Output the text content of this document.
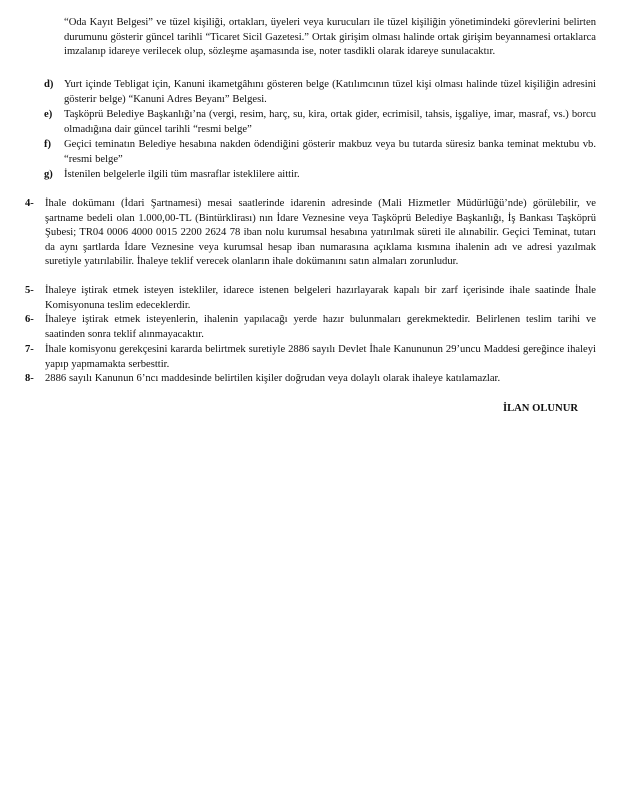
“Oda Kayıt Belgesi” ve tüzel kişiliği, ortakları, üyeleri veya kurucuları ile tüzel kişiliğin yönetimindeki görevlerini belirten durumunu gösterir güncel tarihli “Ticaret Sicil Gazetesi.” Ortak girişim olması halinde ortak girişim beyannamesi ortaklarca imzalanıp idareye verilecek olup, sözleşme aşamasında ise, noter tasdikli olarak idareye sunulacaktır.
d) Yurt içinde Tebligat için, Kanuni ikametgâhını gösteren belge (Katılımcının tüzel kişi olması halinde tüzel kişiliğin adresini gösterir belge) “Kanuni Adres Beyanı” Belgesi.
e) Taşköprü Belediye Başkanlığı’na (vergi, resim, harç, su, kira, ortak gider, ecrimisil, tahsis, işgaliye, imar, masraf, vs.) borcu olmadığına dair güncel tarihli “resmi belge”
f) Geçici teminatın Belediye hesabına nakden ödendiğini gösterir makbuz veya bu tutarda süresiz banka teminat mektubu vb. “resmi belge”
g) İstenilen belgelerle ilgili tüm masraflar isteklilere aittir.
4- İhale dokümanı (İdari Şartnamesi) mesai saatlerinde idarenin adresinde (Mali Hizmetler Müdürlüğü’nde) görülebilir, ve şartname bedeli olan 1.000,00-TL (Bintürklirası) nın İdare Veznesine veya Taşköprü Belediye Başkanlığı, İş Bankası Taşköprü Şubesi; TR04 0006 4000 0015 2200 2624 78 iban nolu kurumsal hesabına yatırılmak süreti ile alınabilir. Geçici Teminat, tutarı da aynı şartlarda İdare Veznesine veya kurumsal hesap iban numarasına açıklama kısmına ihalenin adı ve adresi yazılmak suretiyle yatırılabilir. İhaleye teklif verecek olanların ihale dokümanını satın almaları zorunludur.
5- İhaleye iştirak etmek isteyen istekliler, idarece istenen belgeleri hazırlayarak kapalı bir zarf içerisinde ihale saatinde İhale Komisyonuna teslim edeceklerdir.
6- İhaleye iştirak etmek isteyenlerin, ihalenin yapılacağı yerde hazır bulunmaları gerekmektedir. Belirlenen teslim tarihi ve saatinden sonra teklif alınmayacaktır.
7- İhale komisyonu gerekçesini kararda belirtmek suretiyle 2886 sayılı Devlet İhale Kanununun 29’uncu Maddesi gereğince ihaleyi yapıp yapmamakta serbesttir.
8- 2886 sayılı Kanunun 6’ncı maddesinde belirtilen kişiler doğrudan veya dolaylı olarak ihaleye katılamazlar.
İLAN OLUNUR
